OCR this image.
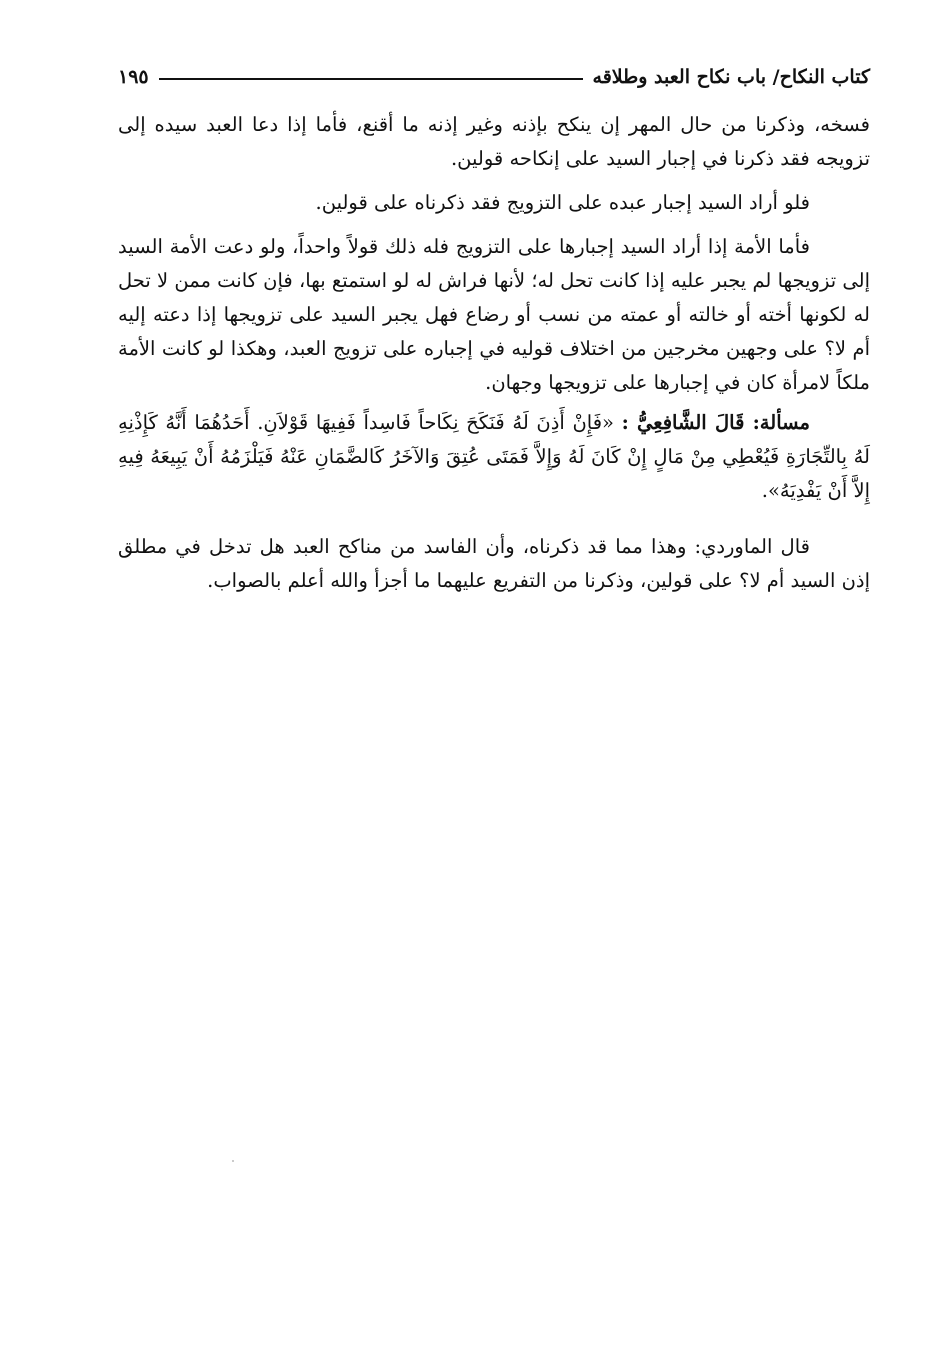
كتاب النكاح/ باب نكاح العبد وطلاقه
١٩٥

فسخه، وذكرنا من حال المهر إن ينكح بإذنه وغير إذنه ما أقنع، فأما إذا دعا العبد سيده إلى تزويجه فقد ذكرنا في إجبار السيد على إنكاحه قولين.

فلو أراد السيد إجبار عبده على التزويج فقد ذكرناه على قولين.

فأما الأمة إذا أراد السيد إجبارها على التزويج فله ذلك قولاً واحداً، ولو دعت الأمة السيد إلى تزويجها لم يجبر عليه إذا كانت تحل له؛ لأنها فراش له لو استمتع بها، فإن كانت ممن لا تحل له لكونها أخته أو خالته أو عمته من نسب أو رضاع فهل يجبر السيد على تزويجها إذا دعته إليه أم لا؟ على وجهين مخرجين من اختلاف قوليه في إجباره على تزويج العبد، وهكذا لو كانت الأمة ملكاً لامرأة كان في إجبارها على تزويجها وجهان.

مسألة: قَالَ الشَّافِعِيُّ : «فَإِنْ أَذِنَ لَهُ فَنَكَحَ نِكَاحاً فَاسِداً فَفِيهَا قَوْلاَنِ. أَحَدُهُمَا أَنَّهُ كَإِذْنِهِ لَهُ بِالتِّجَارَةِ فَيُعْطِي مِنْ مَالٍ إِنْ كَانَ لَهُ وَإِلاَّ فَمَتَى عُتِقَ وَالآخَرُ كَالضَّمَانِ عَنْهُ فَيَلْزَمُهُ أَنْ يَبِيعَهُ فِيهِ إِلاَّ أَنْ يَفْدِيَهُ».

قال الماوردي: وهذا مما قد ذكرناه، وأن الفاسد من مناكح العبد هل تدخل في مطلق إذن السيد أم لا؟ على قولين، وذكرنا من التفريع عليهما ما أجزأ والله أعلم بالصواب.
